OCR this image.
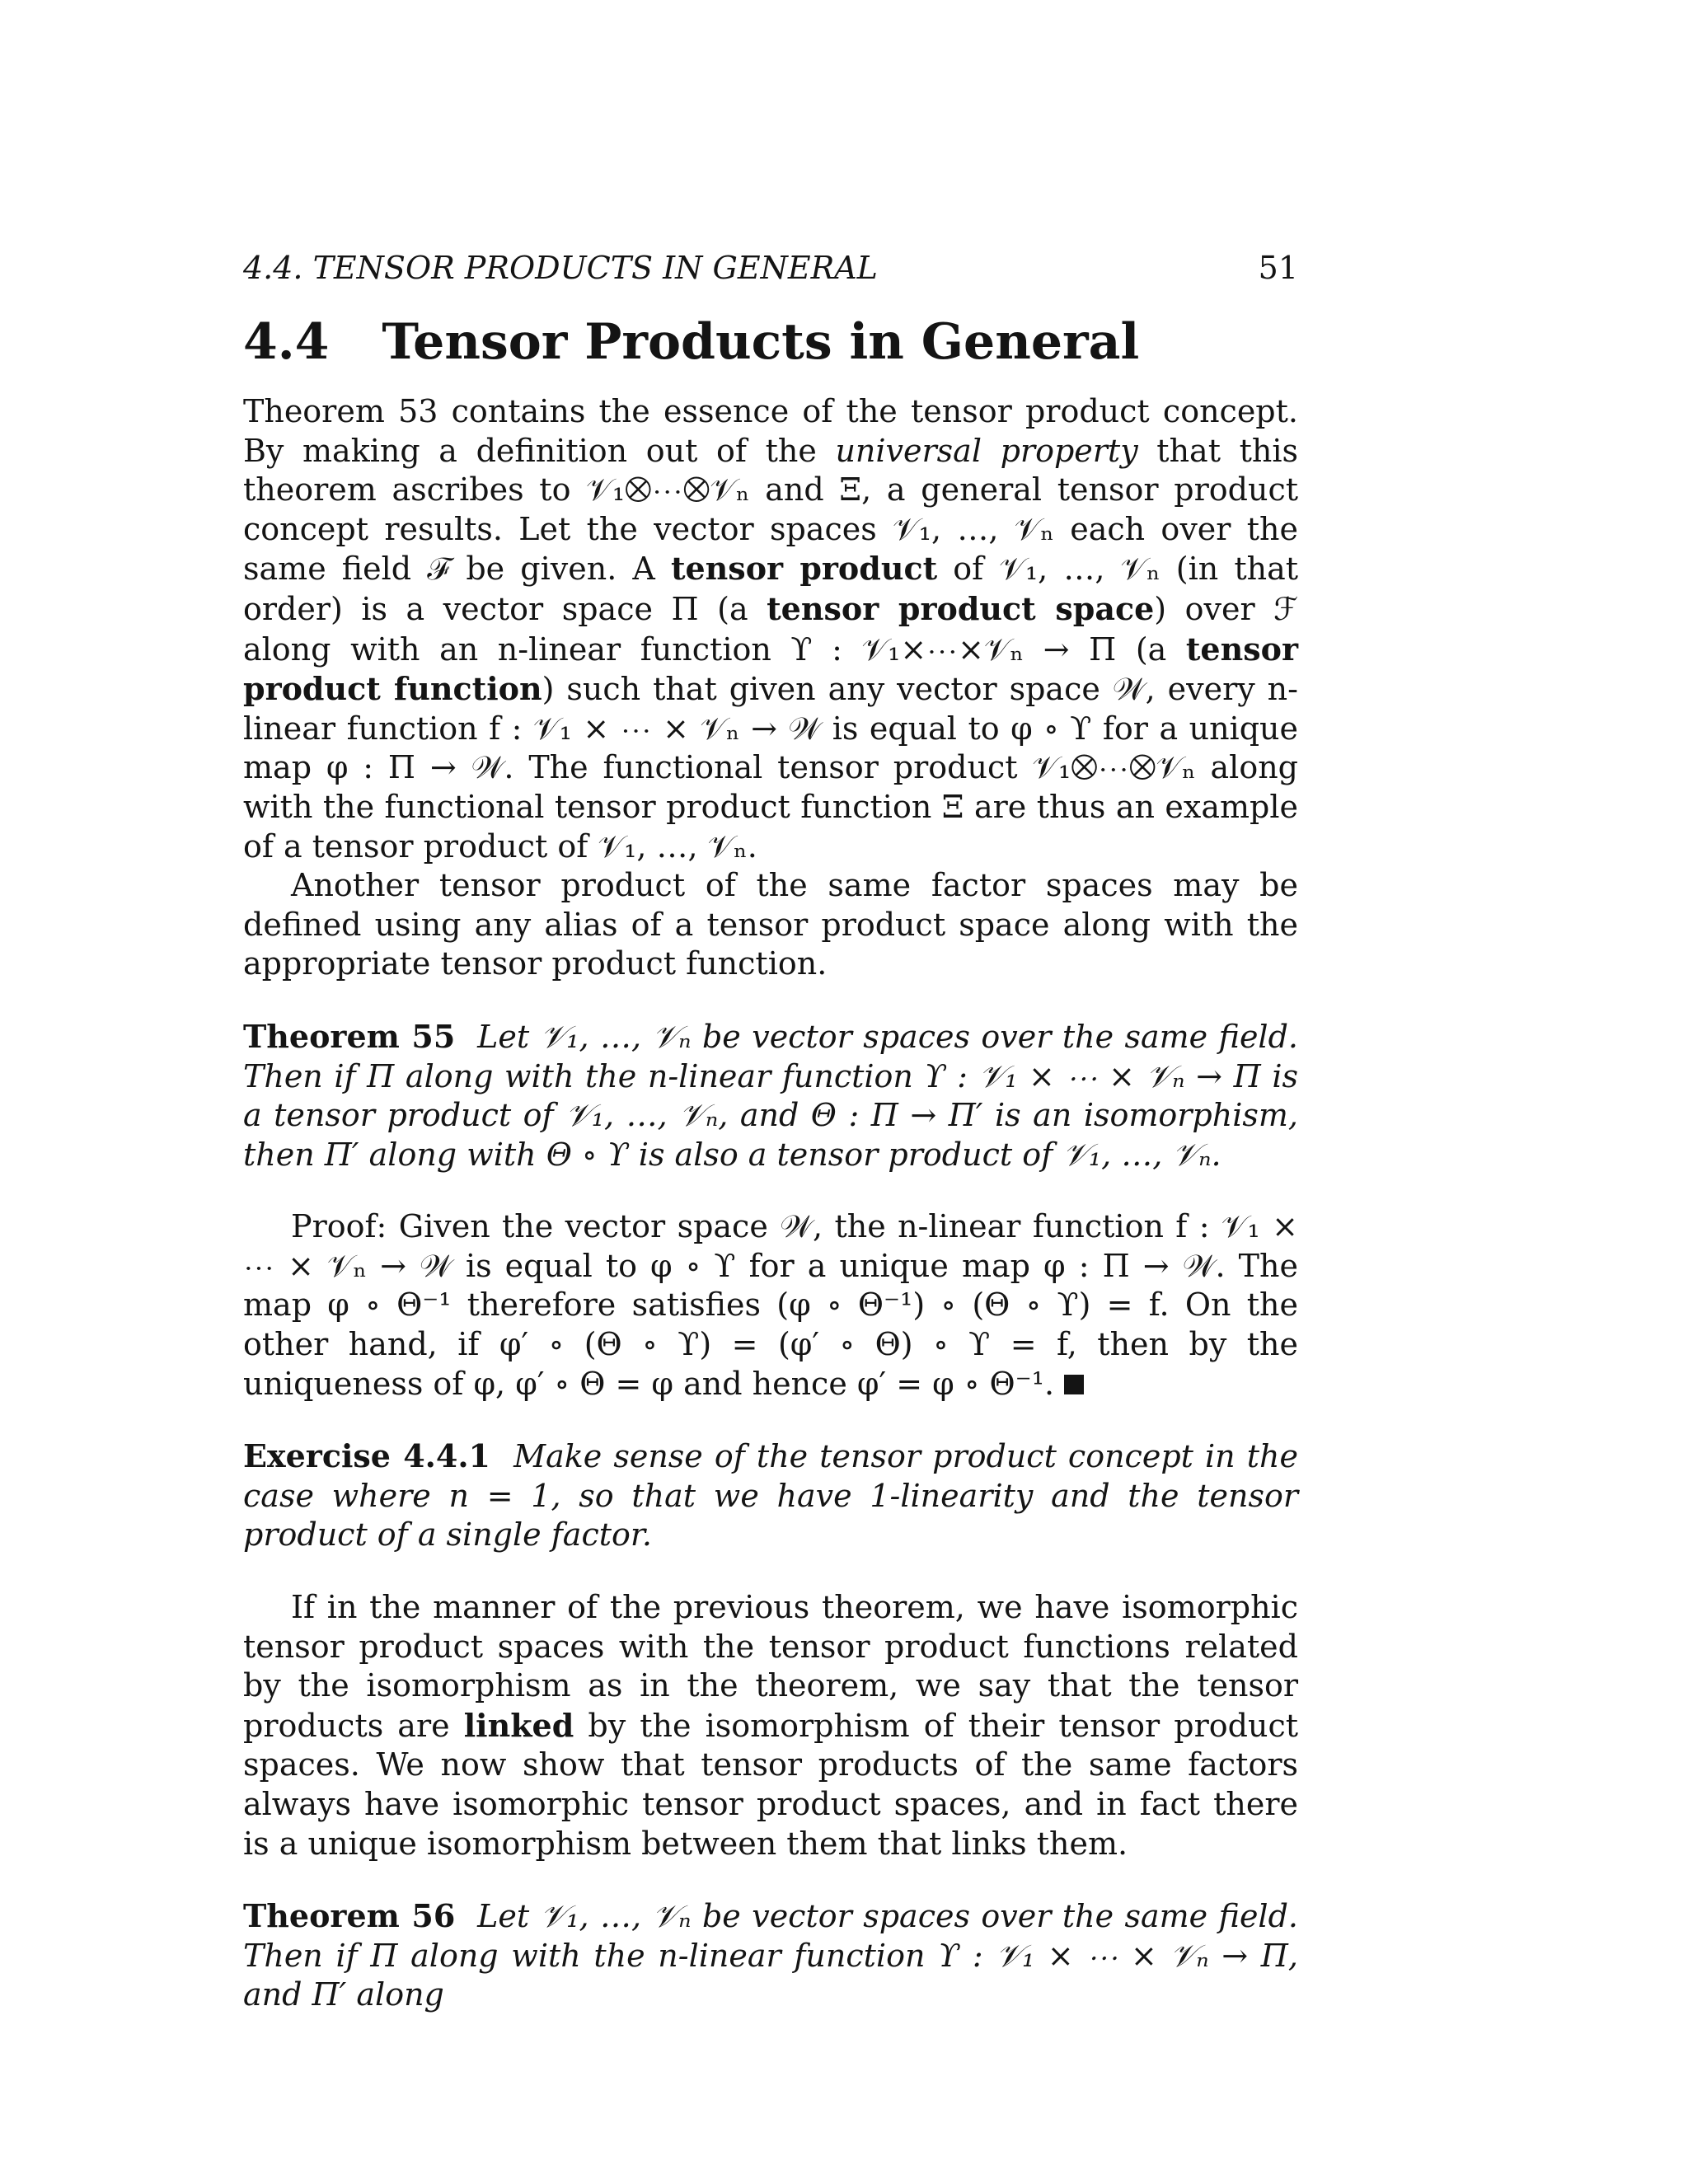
4.4. TENSOR PRODUCTS IN GENERAL	51
4.4 Tensor Products in General

Theorem 53 contains the essence of the tensor product concept. By making a definition out of the universal property that this theorem ascribes to 𝒱₁⨂⋯⨂𝒱ₙ and Ξ, a general tensor product concept results. Let the vector spaces 𝒱₁, …, 𝒱ₙ each over the same field ℱ be given. A tensor product of 𝒱₁, …, 𝒱ₙ (in that order) is a vector space Π (a tensor product space) over ℱ along with an n-linear function ϒ : 𝒱₁×⋯×𝒱ₙ → Π (a tensor product function) such that given any vector space 𝒲, every n-linear function f : 𝒱₁ × ⋯ × 𝒱ₙ → 𝒲 is equal to φ ∘ ϒ for a unique map φ : Π → 𝒲. The functional tensor product 𝒱₁⨂⋯⨂𝒱ₙ along with the functional tensor product function Ξ are thus an example of a tensor product of 𝒱₁, …, 𝒱ₙ.

Another tensor product of the same factor spaces may be defined using any alias of a tensor product space along with the appropriate tensor product function.

Theorem 55 Let 𝒱₁, …, 𝒱ₙ be vector spaces over the same field. Then if Π along with the n-linear function ϒ : 𝒱₁ × ⋯ × 𝒱ₙ → Π is a tensor product of 𝒱₁, …, 𝒱ₙ, and Θ : Π → Π′ is an isomorphism, then Π′ along with Θ ∘ ϒ is also a tensor product of 𝒱₁, …, 𝒱ₙ.

Proof: Given the vector space 𝒲, the n-linear function f : 𝒱₁ × ⋯ × 𝒱ₙ → 𝒲 is equal to φ ∘ ϒ for a unique map φ : Π → 𝒲. The map φ ∘ Θ⁻¹ therefore satisfies (φ ∘ Θ⁻¹) ∘ (Θ ∘ ϒ) = f. On the other hand, if φ′ ∘ (Θ ∘ ϒ) = (φ′ ∘ Θ) ∘ ϒ = f, then by the uniqueness of φ, φ′ ∘ Θ = φ and hence φ′ = φ ∘ Θ⁻¹.

Exercise 4.4.1 Make sense of the tensor product concept in the case where n = 1, so that we have 1-linearity and the tensor product of a single factor.

If in the manner of the previous theorem, we have isomorphic tensor product spaces with the tensor product functions related by the isomorphism as in the theorem, we say that the tensor products are linked by the isomorphism of their tensor product spaces. We now show that tensor products of the same factors always have isomorphic tensor product spaces, and in fact there is a unique isomorphism between them that links them.

Theorem 56 Let 𝒱₁, …, 𝒱ₙ be vector spaces over the same field. Then if Π along with the n-linear function ϒ : 𝒱₁ × ⋯ × 𝒱ₙ → Π, and Π′ along
